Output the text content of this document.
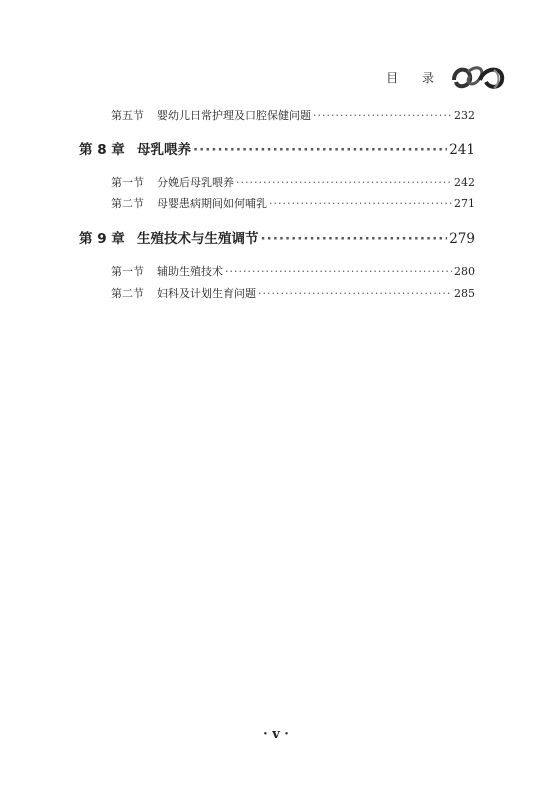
目 录
第五节	婴幼儿日常护理及口腔保健问题 ·····	232
第 8 章 母乳喂养 ·····	241
第一节	分娩后母乳喂养 ·····	242
第二节	母婴患病期间如何哺乳 ·····	271
第 9 章 生殖技术与生殖调节 ·····	279
第一节	辅助生殖技术 ·····	280
第二节	妇科及计划生育问题 ·····	285
· v ·
